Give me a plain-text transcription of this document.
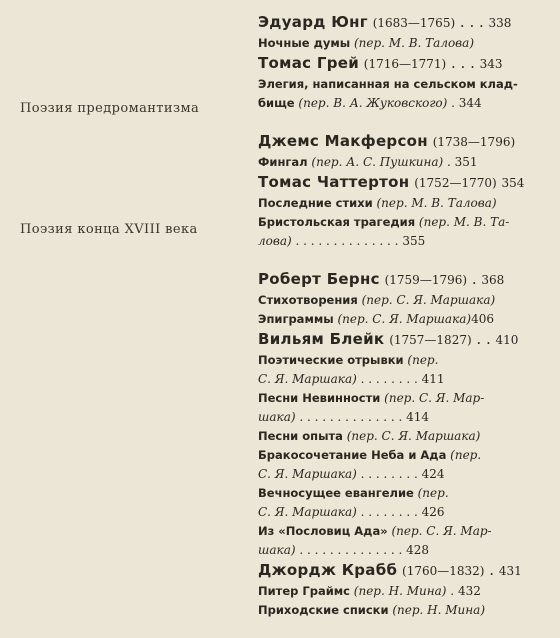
Поэзия предромантизма
Поэзия конца XVIII века
Эдуард Юнг (1683—1765) . . . 338
Ночные думы (пер. М. В. Талова)
Томас Грей (1716—1771) . . . 343
Элегия, написанная на сельском клад-
бище (пер. В. А. Жуковского) . 344
Джемс Макферсон (1738—1796)
Фингал (пер. А. С. Пушкина) . 351
Томас Чаттертон (1752—1770) 354
Последние стихи (пер. М. В. Талова)
Бристольская трагедия (пер. М. В. Та-
лова) . . . . . . . . . . . . . . 355
Роберт Бернс (1759—1796) . 368
Стихотворения (пер. С. Я. Маршака)
Эпиграммы (пер. С. Я. Маршака)406
Вильям Блейк (1757—1827) . . 410
Поэтические отрывки (пер.
С. Я. Маршака) . . . . . . . . 411
Песни Невинности (пер. С. Я. Мар-
шака) . . . . . . . . . . . . . . 414
Песни опыта (пер. С. Я. Маршака)
Бракосочетание Неба и Ада (пер.
С. Я. Маршака) . . . . . . . . 424
Вечносущее евангелие (пер.
С. Я. Маршака) . . . . . . . . 426
Из «Пословиц Ада» (пер. С. Я. Мар-
шака) . . . . . . . . . . . . . . 428
Джордж Крабб (1760—1832) . 431
Питер Граймс (пер. Н. Мина) . 432
Приходские списки (пер. Н. Мина)
